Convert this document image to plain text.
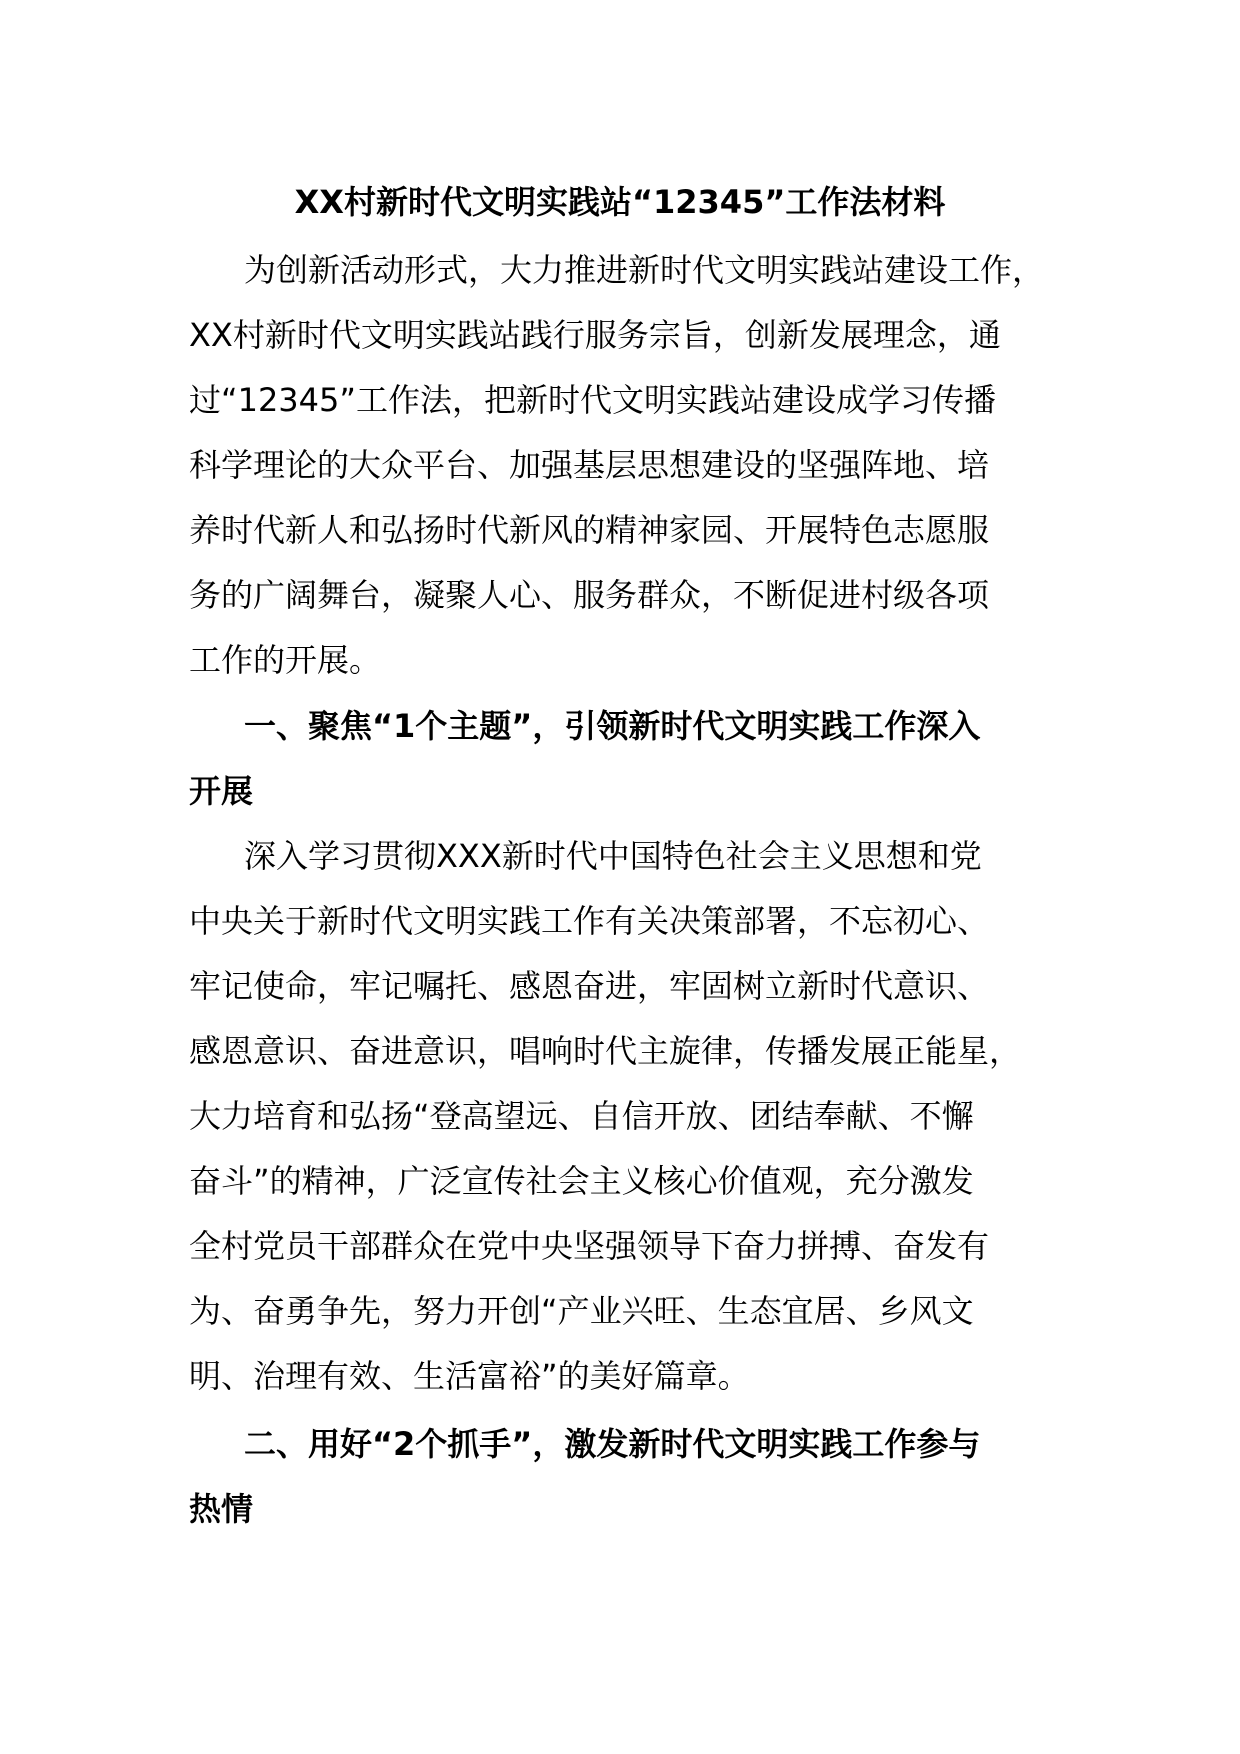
XX村新时代文明实践站“12345”工作法材料
为创新活动形式，大力推进新时代文明实践站建设工作，
XX村新时代文明实践站践行服务宗旨，创新发展理念，通
过“12345”工作法，把新时代文明实践站建设成学习传播
科学理论的大众平台、加强基层思想建设的坚强阵地、培
养时代新人和弘扬时代新风的精神家园、开展特色志愿服
务的广阔舞台，凝聚人心、服务群众，不断促进村级各项
工作的开展。
一、聚焦“1个主题”，引领新时代文明实践工作深入
开展
深入学习贯彻XXX新时代中国特色社会主义思想和党
中央关于新时代文明实践工作有关决策部署，不忘初心、
牢记使命，牢记嘱托、感恩奋进，牢固树立新时代意识、
感恩意识、奋进意识，唱响时代主旋律，传播发展正能星，
大力培育和弘扬“登高望远、自信开放、团结奉献、不懈
奋斗”的精神，广泛宣传社会主义核心价值观，充分激发
全村党员干部群众在党中央坚强领导下奋力拼搏、奋发有
为、奋勇争先，努力开创“产业兴旺、生态宜居、乡风文
明、治理有效、生活富裕”的美好篇章。
二、用好“2个抓手”，激发新时代文明实践工作参与
热情
